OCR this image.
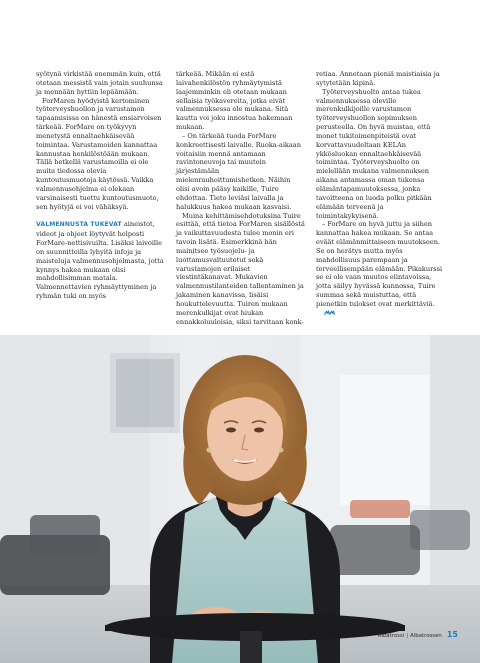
syötynä virkistää enemmän kuin, että otetaan messistä vain jotain suuhunsa ja mennään hyttiin lepäämään.

ForMaren hyödyistä kertominen työterveyshuollon ja varustamon tapaamisissa on hänestä ensiarvoisen tärkeää. ForMare on työkyvyn menetystä ennaltaehkäisevää toimintaa. Varustamoiden kannattaa kannustaa henkilöstöään mukaan. Tällä hetkellä varustamoilla ei ole muita tiedossa olevia kuntoutusmuotoja käytössä. Vaikka valmennusohjelma ei olekaan varsinaisesti tuettu kuntoutusmuoto, sen hyötyjä ei voi vähäksyä.

VALMENNUSTA TUKEVAT aineistot, videot ja ohjeet löytyvät helposti ForMare-nettisivuilta. Lisäksi laivoille on suunnitteilla lyhyitä infoja ja maisteluja valmennusohjelmasta, jotta kynnys hakea mukaan olisi mahdollisimman matala. Valmennettavien ryhmäyttyminen ja ryhmän tuki on myös

tärkeää. Mikään ei estä laivahenkilöstön ryhmäytymistä laajemminkin eli otetaan mukaan sellaisia työkavereita, jotka eivät valmennuksessa ole mukana. Sitä kautta voi joku innostua hakemaan mukaan.

– On tärkeää tuoda ForMare konkreettisesti laivalle. Ruoka-aikaan voitaisiin mennä antamaan ravintoneuvoja tai muutoin järjestämään mielenrauhoittumishetken. Näihin olisi avoin pääsy kaikille, Tuire ehdottaa. Tieto leviäsi laivalla ja halukkuus hakea mukaan kasvaisi.

Muina kehittämisehdotuksina Tuire esittää, että tietoa ForMaren sisällöstä ja vaikuttavuudesta tulee monin eri tavoin lisätä. Esimerkkinä hän mainitsee työsuojelu- ja luottamusvaltuutetut sekä varustamojen erilaiset viestintäkanavat. Mukavien valmennustilanteiden tallentaminen ja jakaminen kanavissa, lisäisi houkuttelevuutta. Tuiren mukaan merenkulkijat ovat hiukan ennakkoluuloisia, siksi tarvitaan konk-

retiaa. Annetaan pieniä maistiaisia ja sytytetään kipinä.

Työterveyshuolto antaa tukea valmennuksessa oleville merenkulkijoille varustamon työterveyshuollon sopimuksen perusteella. On hyvä muistaa, että monet tukitoimenpiteistä ovat korvattavuudeltaan KELAn ykkösluokan ennaltaehkäisevää toimintaa. Työterveyshuolto on mielellään mukana valmennuksen aikana antamassa oman tukensa elämäntapamuutoksessa, jonka tavoitteena on luoda polku pitkään elämään terveenä ja toimintakykyisenä.

– ForMare on hyvä juttu ja siihen kannattaa hakea mukaan. Se antaa eväät elämänmittaiseen muutokseen. Se on herätys mutta myös mahdollisuus parempaan ja terveellisempään elämään. Pikakurssi se ei ole vaan muutos elintavoissa, jotta säilyy hyvässä kunnossa, Tuire summaa sekä muistuttaa, että pienetkin tulokset ovat merkittäviä.

Albatrossi | Albatrossen 15
